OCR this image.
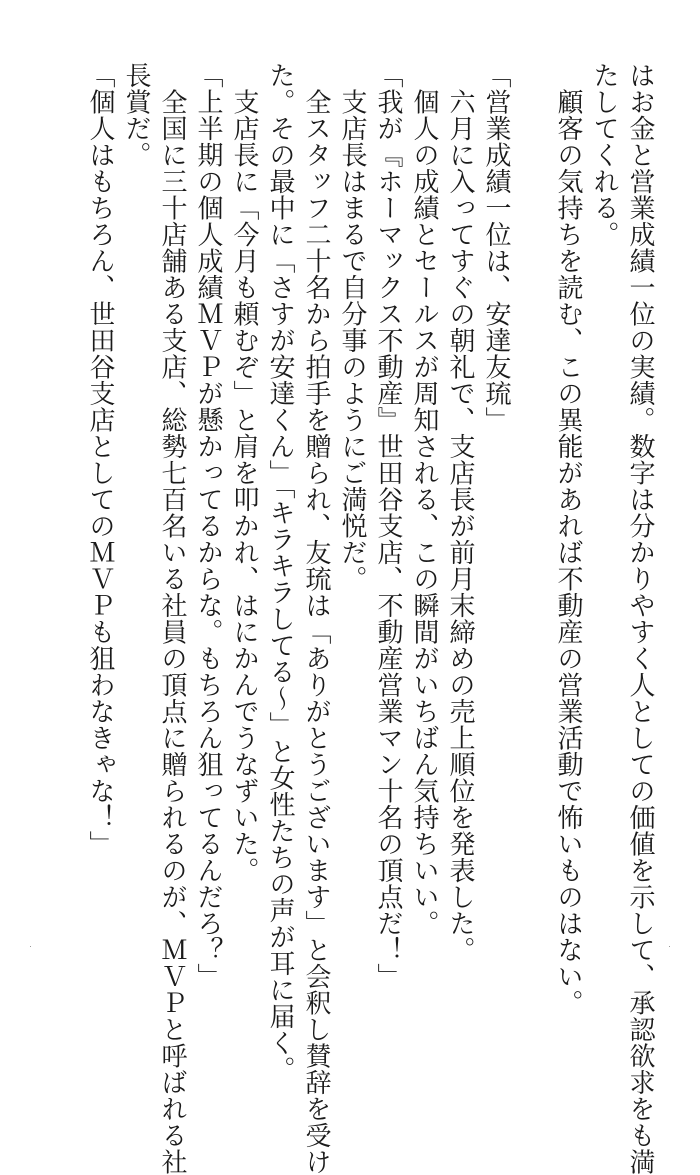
はお金と営業成績一位の実績。数字は分かりやすく人としての価値を示して、承認欲求をも満
たしてくれる。
　顧客の気持ちを読む、この異能があれば不動産の営業活動で怖いものはない。
「営業成績一位は、安達友琉」
　六月に入ってすぐの朝礼で、支店長が前月末締めの売上順位を発表した。
　個人の成績とセールスが周知される、この瞬間がいちばん気持ちいい。
「我が『ホーマックス不動産』世田谷支店、不動産営業マン十名の頂点だ！」
　支店長はまるで自分事のようにご満悦だ。
　全スタッフ二十名から拍手を贈られ、友琉は「ありがとうございます」と会釈し賛辞を受け
た。その最中に「さすが安達くん」「キラキラしてる～」と女性たちの声が耳に届く。
　支店長に「今月も頼むぞ」と肩を叩かれ、はにかんでうなずいた。
「上半期の個人成績ＭＶＰが懸かってるからな。もちろん狙ってるんだろ？」
　全国に三十店舗ある支店、総勢七百名いる社員の頂点に贈られるのが、ＭＶＰと呼ばれる社
長賞だ。
「個人はもちろん、世田谷支店としてのＭＶＰも狙わなきゃな！」
